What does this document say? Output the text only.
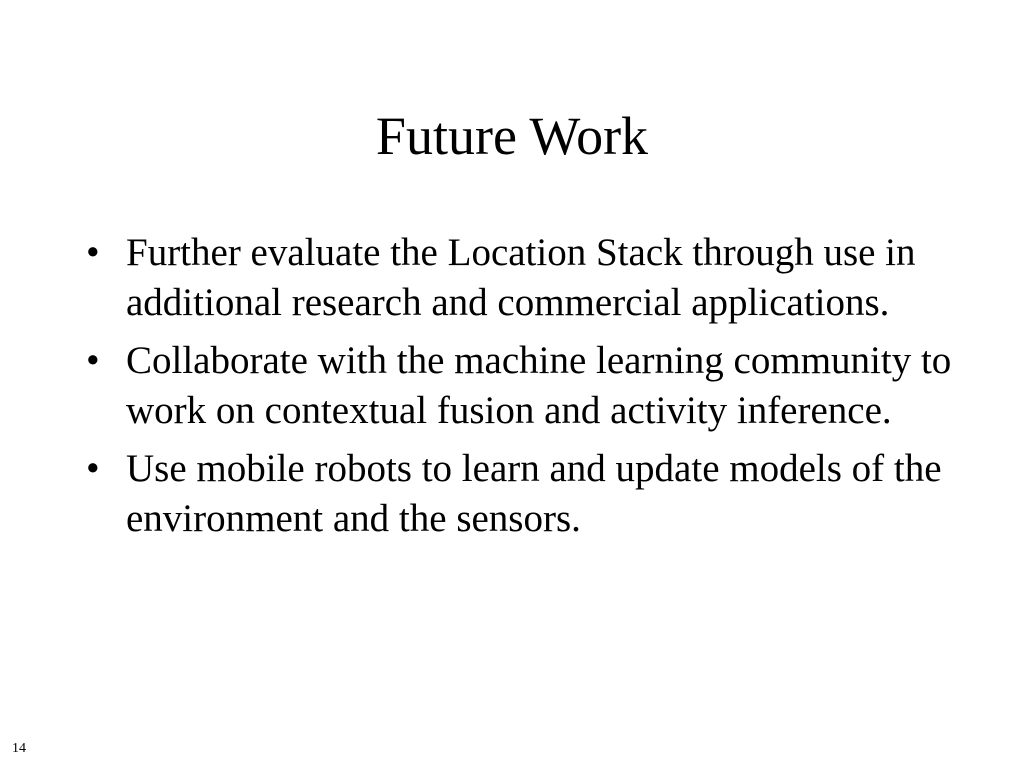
Future Work
• Further evaluate the Location Stack through use in additional research and commercial applications.
• Collaborate with the machine learning community to work on contextual fusion and activity inference.
• Use mobile robots to learn and update models of the environment and the sensors.
14
